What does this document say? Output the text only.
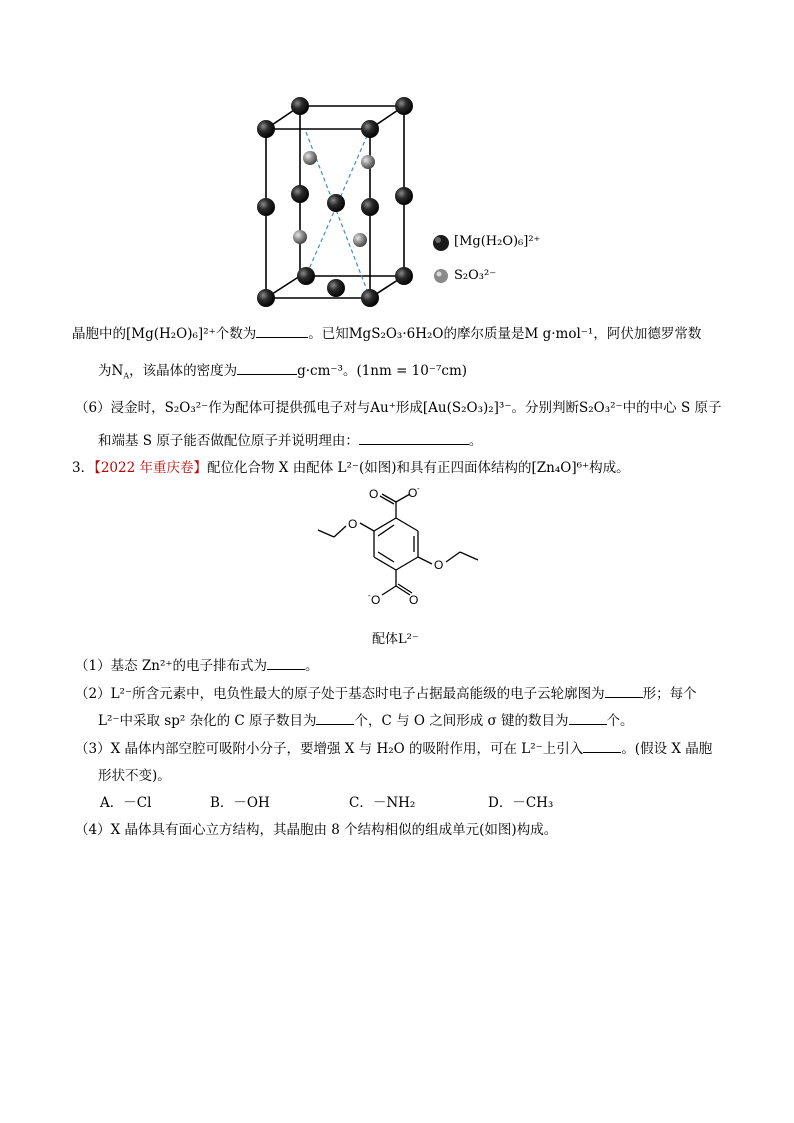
[Mg(H₂O)₆]²⁺
S₂O₃²⁻
晶胞中的[Mg(H₂O)₆]²⁺个数为	。已知MgS₂O₃·6H₂O的摩尔质量是M g·mol⁻¹，阿伏加德罗常数
为$N_A$，该晶体的密度为	g·cm⁻³。(1nm = 10⁻⁷cm)
（6）浸金时，S₂O₃²⁻作为配体可提供孤电子对与Au⁺形成[Au(S₂O₃)₂]³⁻。分别判断S₂O₃²⁻中的中心 S 原子
和端基 S 原子能否做配位原子并说明理由：	。
3．【2022 年重庆卷】配位化合物 X 由配体 L²⁻(如图)和具有正四面体结构的[Zn₄O]⁶⁺构成。
O O -
O
O
O
-	O
配体L²⁻
（1）基态 Zn²⁺的电子排布式为	。
（2）L²⁻所含元素中，电负性最大的原子处于基态时电子占据最高能级的电子云轮廓图为	形；每个
L²⁻中采取 sp² 杂化的 C 原子数目为	个，C 与 O 之间形成 σ 键的数目为	个。
（3）X 晶体内部空腔可吸附小分子，要增强 X 与 H₂O 的吸附作用，可在 L²⁻上引入	。(假设 X 晶胞
形状不变)。
A．－Cl	B．－OH	C．－NH₂	D．－CH₃
（4）X 晶体具有面心立方结构，其晶胞由 8 个结构相似的组成单元(如图)构成。
